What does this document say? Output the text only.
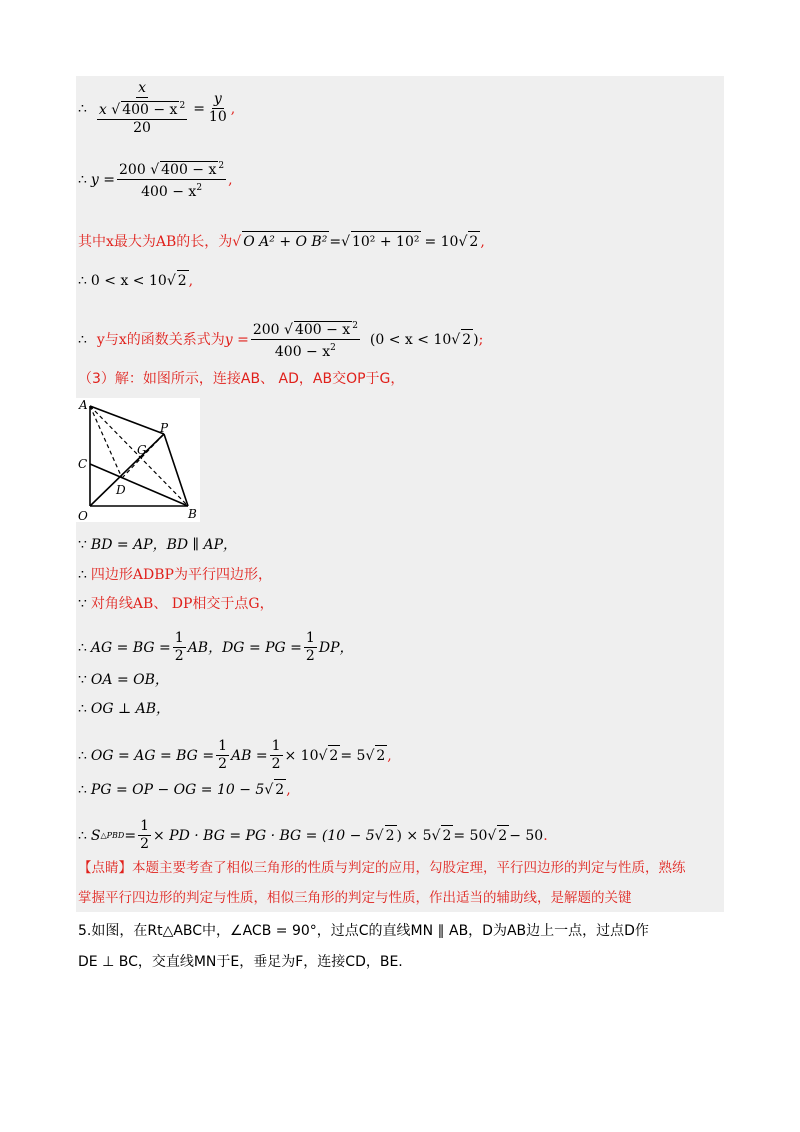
∴ $\frac{x}{\frac{x √ 400 - x ^2}{20}} = \frac{y}{10}$ ,
∴ $y = \frac{200 √ 400 - x ^2}{400 - x^2}$ ,
其中x最大为AB的长，为 √ O A² + O B² = √ 10² + 10² = 10 √ 2 ,
∴ 0 < x < 10 √ 2 ,
∴ y与x的函数关系式为 $y = \frac{200 √ 400 - x ^2}{400 - x^2} (0 < x < 10$ √ 2 ) ;
（3）解：如图所示，连接AB、 AD，AB交OP于G，
A
P
G
C
D
O	B
∵ BD = AP，BD ∥ AP，
∴ 四边形ADBP为平行四边形，
∵ 对角线AB、 DP相交于点G，
∴ AG = BG = $\frac{1}{2}$ AB，DG = PG = $\frac{1}{2}$ DP，
∵ OA = OB，
∴ OG ⊥ AB，
∴ OG = AG = BG = $\frac{1}{2}$ AB = $\frac{1}{2} \times 10$ √ 2 = 5 √ 2 ,
∴ PG = OP − OG = 10 − 5 √ 2 ,
∴ S △PBD = $\frac{1}{2}$ × PD · BG = PG · BG = (10 − 5 √ 2 ) × 5 √ 2 = 50 √ 2 − 50 .
【点睛】本题主要考查了相似三角形的性质与判定的应用，勾股定理，平行四边形的判定与性质，熟练
掌握平行四边形的判定与性质，相似三角形的判定与性质，作出适当的辅助线，是解题的关键
5.如图，在Rt△ABC中，∠ACB = 90°，过点C的直线MN ∥ AB，D为AB边上一点，过点D作
DE ⊥ BC，交直线MN于E，垂足为F，连接CD，BE.
